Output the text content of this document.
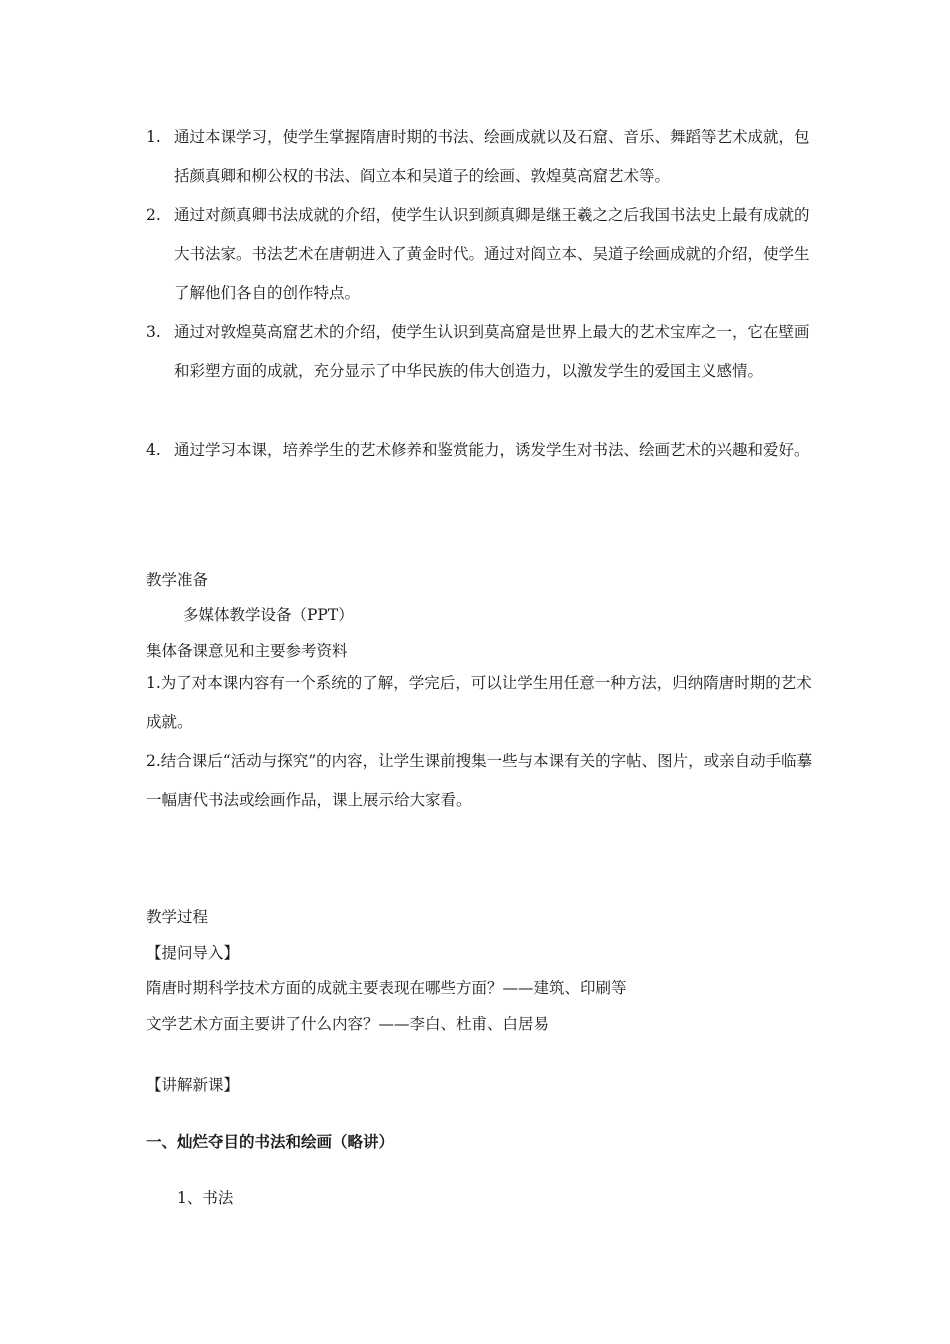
1. 通过本课学习，使学生掌握隋唐时期的书法、绘画成就以及石窟、音乐、舞蹈等艺术成就，包括颜真卿和柳公权的书法、阎立本和吴道子的绘画、敦煌莫高窟艺术等。
2. 通过对颜真卿书法成就的介绍，使学生认识到颜真卿是继王羲之之后我国书法史上最有成就的大书法家。书法艺术在唐朝进入了黄金时代。通过对阎立本、吴道子绘画成就的介绍，使学生了解他们各自的创作特点。
3. 通过对敦煌莫高窟艺术的介绍，使学生认识到莫高窟是世界上最大的艺术宝库之一，它在壁画和彩塑方面的成就，充分显示了中华民族的伟大创造力，以激发学生的爱国主义感情。
4. 通过学习本课，培养学生的艺术修养和鉴赏能力，诱发学生对书法、绘画艺术的兴趣和爱好。
教学准备
多媒体教学设备（PPT）
集体备课意见和主要参考资料
1.为了对本课内容有一个系统的了解，学完后，可以让学生用任意一种方法，归纳隋唐时期的艺术成就。
2.结合课后“活动与探究”的内容，让学生课前搜集一些与本课有关的字帖、图片，或亲自动手临摹一幅唐代书法或绘画作品，课上展示给大家看。
教学过程
【提问导入】
隋唐时期科学技术方面的成就主要表现在哪些方面？——建筑、印刷等
文学艺术方面主要讲了什么内容？——李白、杜甫、白居易
【讲解新课】
一、灿烂夺目的书法和绘画（略讲）
1、书法
